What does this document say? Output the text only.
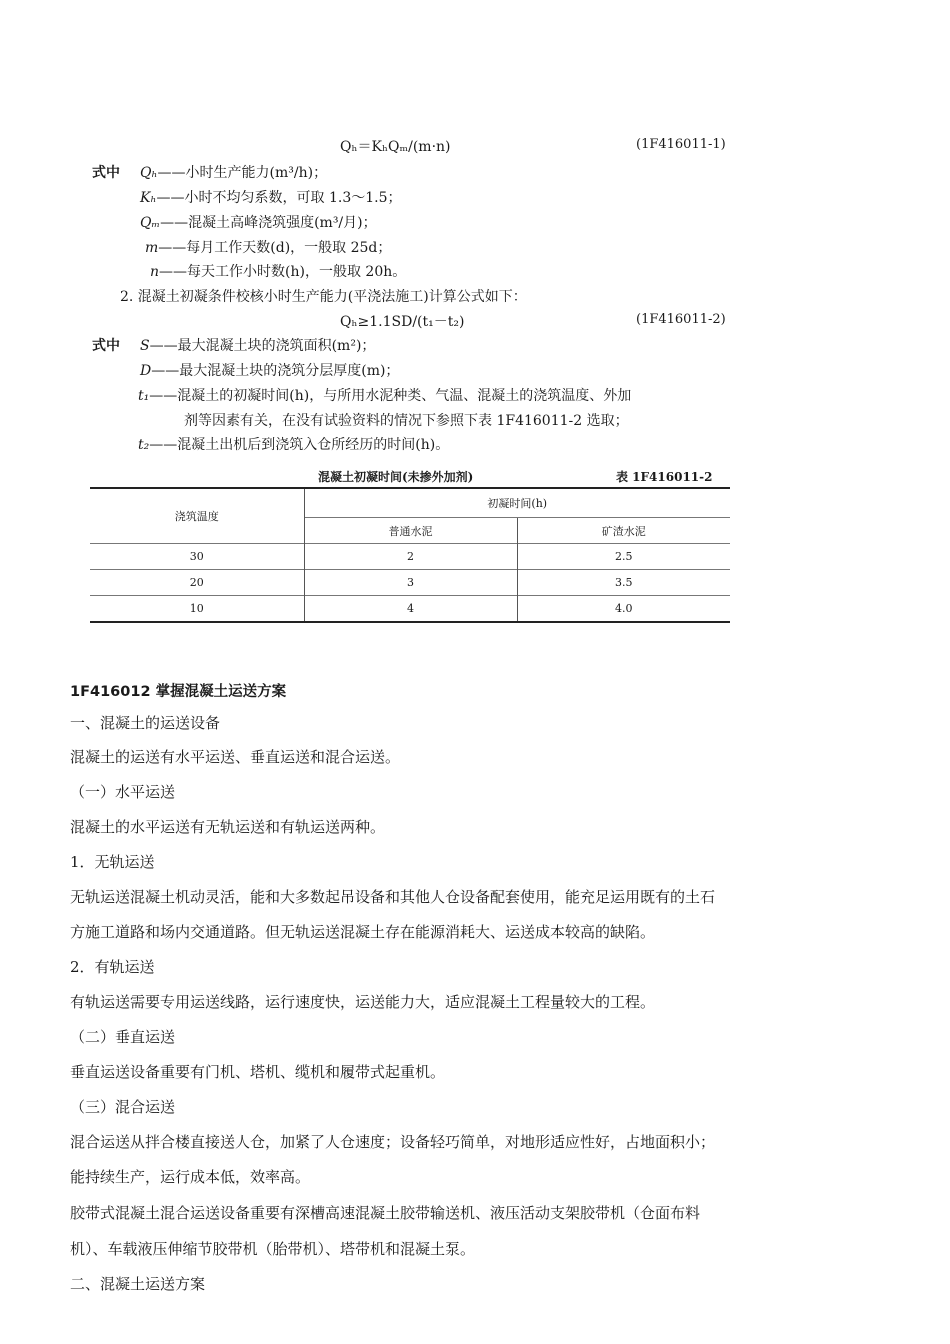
Qₕ＝KₕQₘ/(m·n)	(1F416011-1)
式中 Qₕ——小时生产能力(m³/h)；
Kₕ——小时不均匀系数，可取 1.3～1.5；
Qₘ——混凝土高峰浇筑强度(m³/月)；
m——每月工作天数(d)，一般取 25d；
n——每天工作小时数(h)，一般取 20h。
2. 混凝土初凝条件校核小时生产能力(平浇法施工)计算公式如下：
Qₕ≥1.1SD/(t₁－t₂)	(1F416011-2)
式中 S——最大混凝土块的浇筑面积(m²)；
D——最大混凝土块的浇筑分层厚度(m)；
t₁——混凝土的初凝时间(h)，与所用水泥种类、气温、混凝土的浇筑温度、外加
剂等因素有关，在没有试验资料的情况下参照下表 1F416011-2 选取；
t₂——混凝土出机后到浇筑入仓所经历的时间(h)。
混凝土初凝时间(未掺外加剂)	表 1F416011-2
浇筑温度	初凝时间(h)	
	普通水泥	矿渣水泥
30	2	2.5
20	3	3.5
10	4	4.0
1F416012 掌握混凝土运送方案
一、混凝土的运送设备
混凝土的运送有水平运送、垂直运送和混合运送。
（一）水平运送
混凝土的水平运送有无轨运送和有轨运送两种。
1．无轨运送
无轨运送混凝土机动灵活，能和大多数起吊设备和其他人仓设备配套使用，能充足运用既有的土石
方施工道路和场内交通道路。但无轨运送混凝土存在能源消耗大、运送成本较高的缺陷。
2．有轨运送
有轨运送需要专用运送线路，运行速度快，运送能力大，适应混凝土工程量较大的工程。
（二）垂直运送
垂直运送设备重要有门机、塔机、缆机和履带式起重机。
（三）混合运送
混合运送从拌合楼直接送人仓，加紧了人仓速度；设备轻巧简单，对地形适应性好，占地面积小；
能持续生产，运行成本低，效率高。
胶带式混凝土混合运送设备重要有深槽高速混凝土胶带输送机、液压活动支架胶带机（仓面布料
机）、车载液压伸缩节胶带机（胎带机）、塔带机和混凝土泵。
二、混凝土运送方案
